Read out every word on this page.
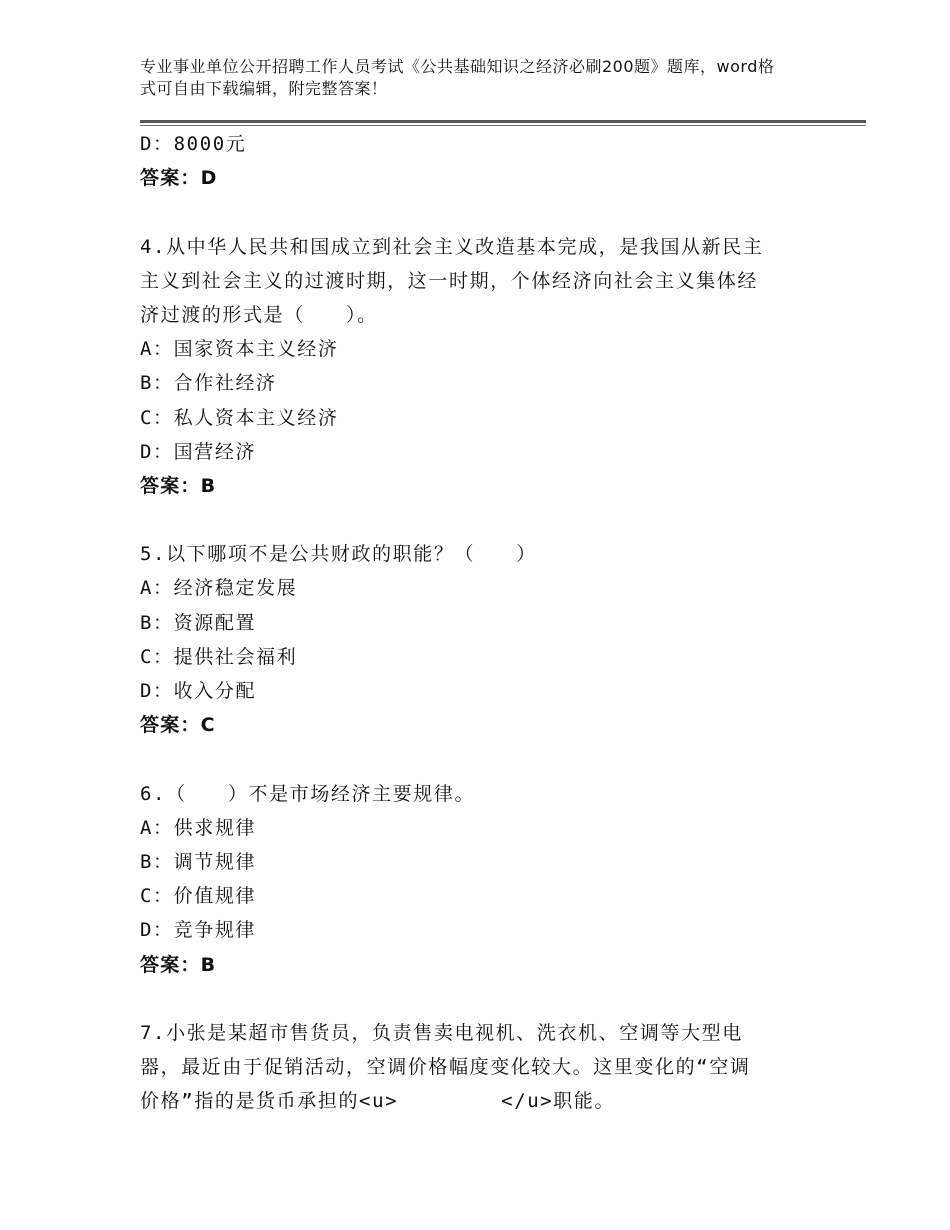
专业事业单位公开招聘工作人员考试《公共基础知识之经济必刷200题》题库，word格式可自由下载编辑，附完整答案！
D：8000元
答案：D
4.从中华人民共和国成立到社会主义改造基本完成，是我国从新民主
主义到社会主义的过渡时期，这一时期，个体经济向社会主义集体经
济过渡的形式是（　　）。
A：国家资本主义经济
B：合作社经济
C：私人资本主义经济
D：国营经济
答案：B
5.以下哪项不是公共财政的职能？（　　）
A：经济稳定发展
B：资源配置
C：提供社会福利
D：收入分配
答案：C
6.（　　）不是市场经济主要规律。
A：供求规律
B：调节规律
C：价值规律
D：竞争规律
答案：B
7.小张是某超市售货员，负责售卖电视机、洗衣机、空调等大型电
器，最近由于促销活动，空调价格幅度变化较大。这里变化的“空调
价格”指的是货币承担的<u>　　　　　</u>职能。
